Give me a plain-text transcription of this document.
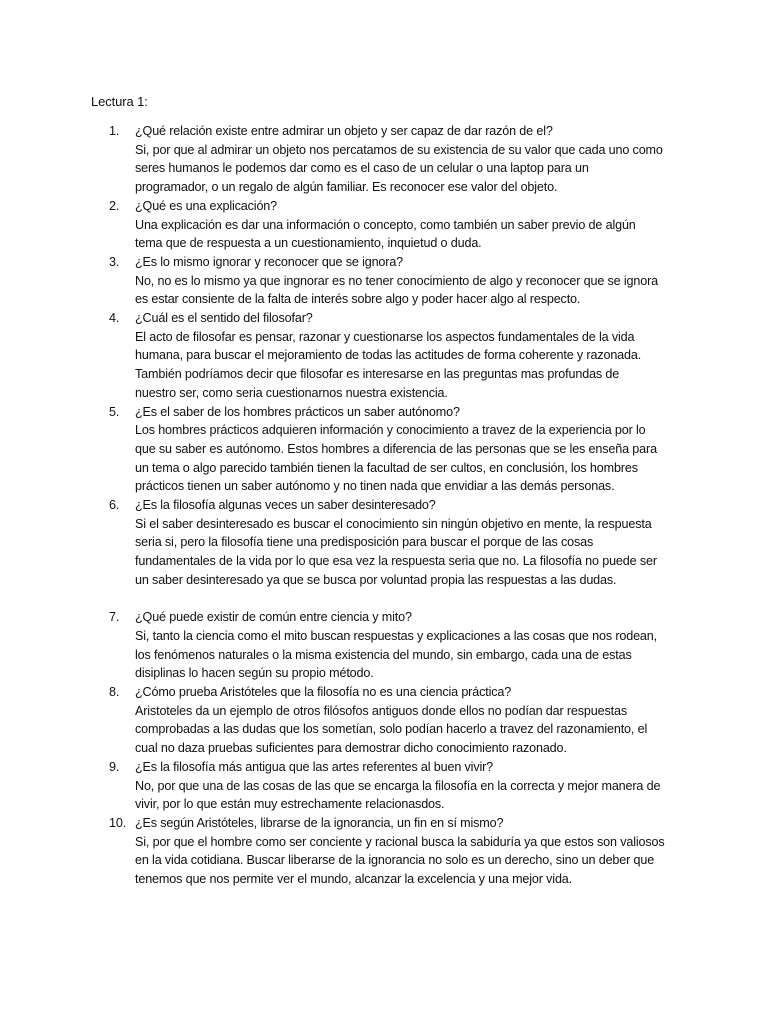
Lectura 1:
1.	¿Qué relación existe entre admirar un objeto y ser capaz de dar razón de el?
Si, por que al admirar un objeto nos percatamos de su existencia de su valor que cada uno como
seres humanos le podemos dar como es el caso de un celular o una laptop para un
programador, o un regalo de algún familiar. Es reconocer ese valor del objeto.
2.	¿Qué es una explicación?
Una explicación es dar una información o concepto, como también un saber previo de algún
tema que de respuesta a un cuestionamiento, inquietud o duda.
3.	¿Es lo mismo ignorar y reconocer que se ignora?
No, no es lo mismo ya que ingnorar es no tener conocimiento de algo y reconocer que se ignora
es estar consiente de la falta de interés sobre algo y poder hacer algo al respecto.
4.	¿Cuál es el sentido del filosofar?
El acto de filosofar es pensar, razonar y cuestionarse los aspectos fundamentales de la vida
humana, para buscar el mejoramiento de todas las actitudes de forma coherente y razonada.
También podríamos decir que filosofar es interesarse en las preguntas mas profundas de
nuestro ser, como seria cuestionarnos nuestra existencia.
5.	¿Es el saber de los hombres prácticos un saber autónomo?
Los hombres prácticos adquieren información y conocimiento a travez de la experiencia por lo
que su saber es autónomo. Estos hombres a diferencia de las personas que se les enseña para
un tema o algo parecido también tienen la facultad de ser cultos, en conclusión, los hombres
prácticos tienen un saber autónomo y no tinen nada que envidiar a las demás personas.
6.	¿Es la filosofía algunas veces un saber desinteresado?
Si el saber desinteresado es buscar el conocimiento sin ningún objetivo en mente, la respuesta
seria si, pero la filosofía tiene una predisposición para buscar el porque de las cosas
fundamentales de la vida por lo que esa vez la respuesta seria que no. La filosofía no puede ser
un saber desinteresado ya que se busca por voluntad propia las respuestas a las dudas.
7.	¿Qué puede existir de común entre ciencia y mito?
Si, tanto la ciencia como el mito buscan respuestas y explicaciones a las cosas que nos rodean,
los fenómenos naturales o la misma existencia del mundo, sin embargo, cada una de estas
disiplinas lo hacen según su propio método.
8.	¿Cómo prueba Aristóteles que la filosofía no es una ciencia práctica?
Aristoteles da un ejemplo de otros filósofos antiguos donde ellos no podían dar respuestas
comprobadas a las dudas que los sometían, solo podían hacerlo a travez del razonamiento, el
cual no daza pruebas suficientes para demostrar dicho conocimiento razonado.
9.	¿Es la filosofía más antigua que las artes referentes al buen vivir?
No, por que una de las cosas de las que se encarga la filosofía en la correcta y mejor manera de
vivir, por lo que están muy estrechamente relacionasdos.
10. ¿Es según Aristóteles, librarse de la ignorancia, un fin en sí mismo?
Si, por que el hombre como ser conciente y racional busca la sabiduría ya que estos son valiosos
en la vida cotidiana. Buscar liberarse de la ignorancia no solo es un derecho, sino un deber que
tenemos que nos permite ver el mundo, alcanzar la excelencia y una mejor vida.
